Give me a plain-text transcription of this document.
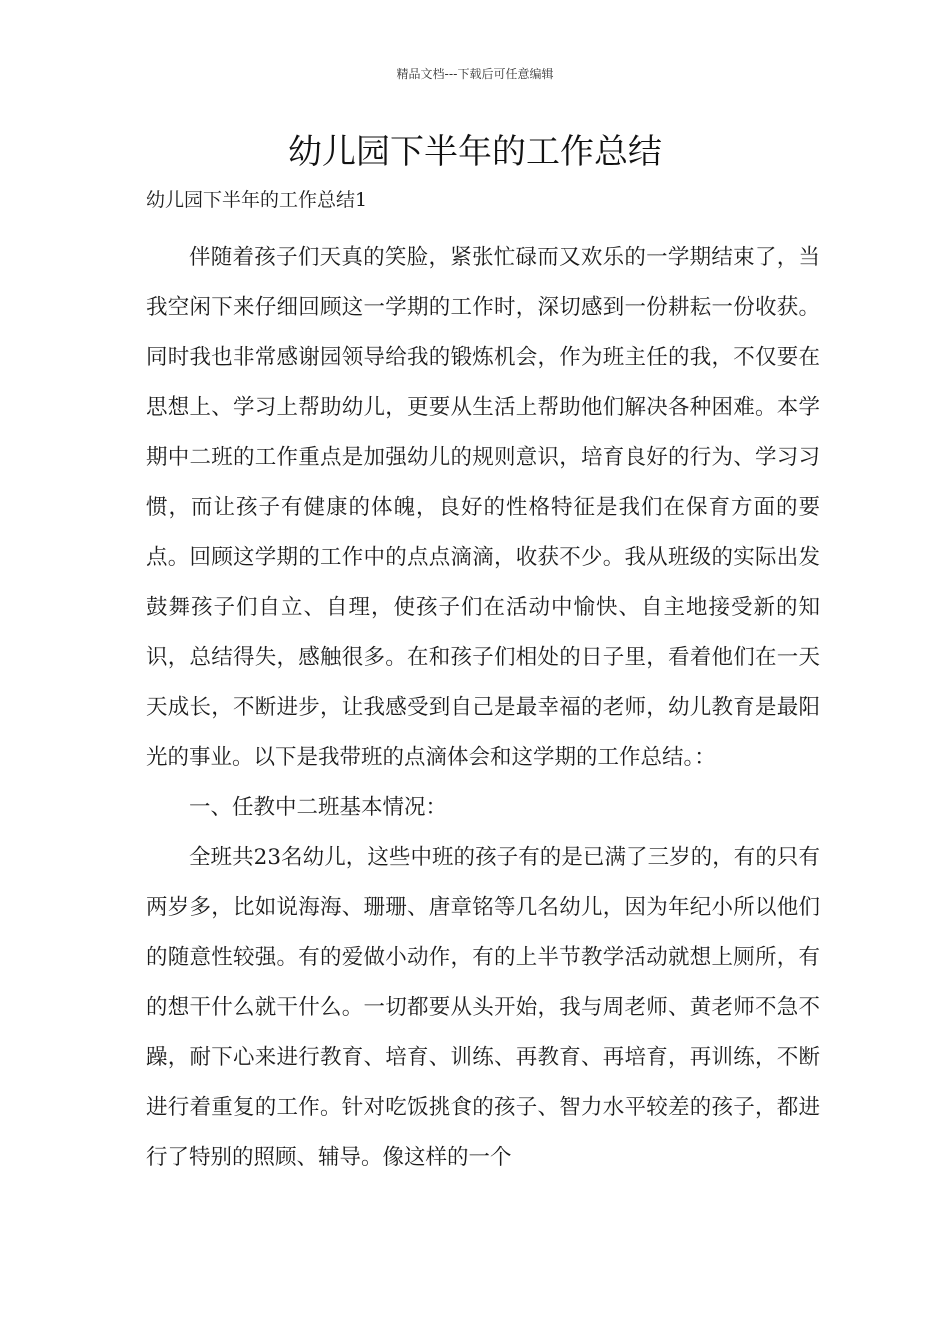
精品文档---下载后可任意编辑
幼儿园下半年的工作总结
幼儿园下半年的工作总结1

伴随着孩子们天真的笑脸，紧张忙碌而又欢乐的一学期结束了，当我空闲下来仔细回顾这一学期的工作时，深切感到一份耕耘一份收获。同时我也非常感谢园领导给我的锻炼机会，作为班主任的我，不仅要在思想上、学习上帮助幼儿，更要从生活上帮助他们解决各种困难。本学期中二班的工作重点是加强幼儿的规则意识，培育良好的行为、学习习惯，而让孩子有健康的体魄，良好的性格特征是我们在保育方面的要点。回顾这学期的工作中的点点滴滴，收获不少。我从班级的实际出发鼓舞孩子们自立、自理，使孩子们在活动中愉快、自主地接受新的知识，总结得失，感触很多。在和孩子们相处的日子里，看着他们在一天天成长，不断进步，让我感受到自己是最幸福的老师，幼儿教育是最阳光的事业。以下是我带班的点滴体会和这学期的工作总结。：

一、任教中二班基本情况：

全班共23名幼儿，这些中班的孩子有的是已满了三岁的，有的只有两岁多，比如说海海、珊珊、唐章铭等几名幼儿，因为年纪小所以他们的随意性较强。有的爱做小动作，有的上半节教学活动就想上厕所，有的想干什么就干什么。一切都要从头开始，我与周老师、黄老师不急不躁，耐下心来进行教育、培育、训练、再教育、再培育，再训练，不断进行着重复的工作。针对吃饭挑食的孩子、智力水平较差的孩子，都进行了特别的照顾、辅导。像这样的一个
